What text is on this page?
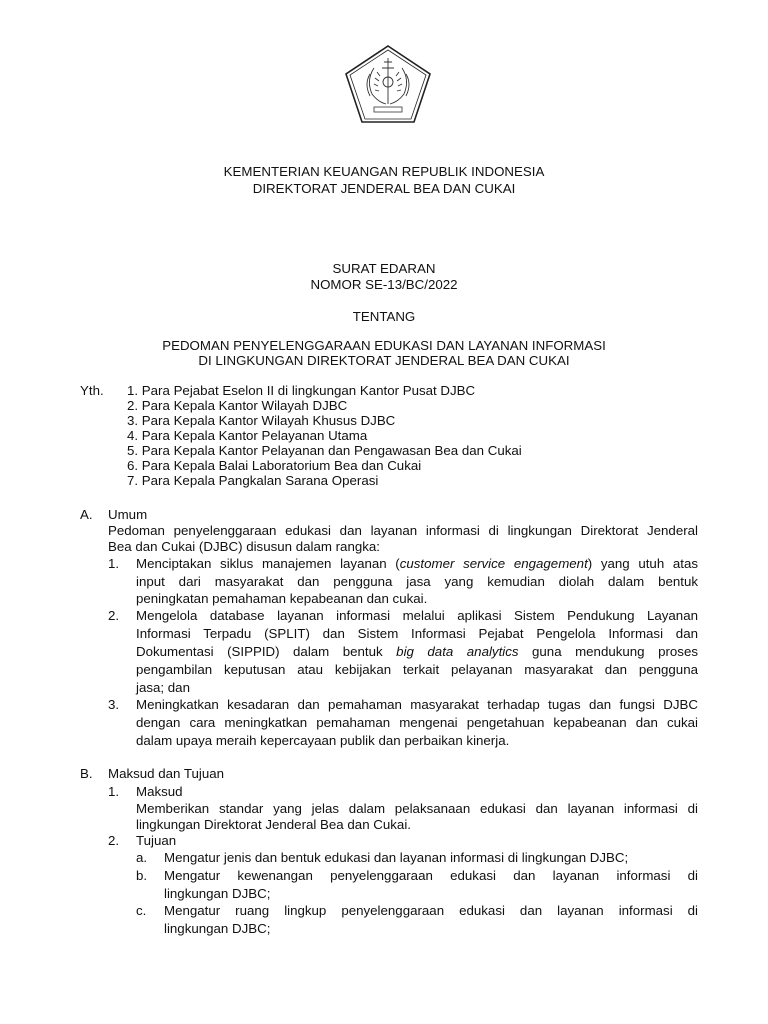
KEMENTERIAN KEUANGAN REPUBLIK INDONESIA
DIREKTORAT JENDERAL BEA DAN CUKAI
SURAT EDARAN
NOMOR SE-13/BC/2022
TENTANG
PEDOMAN PENYELENGGARAAN EDUKASI DAN LAYANAN INFORMASI
DI LINGKUNGAN DIREKTORAT JENDERAL BEA DAN CUKAI
Yth. 1. Para Pejabat Eselon II di lingkungan Kantor Pusat DJBC
2. Para Kepala Kantor Wilayah DJBC
3. Para Kepala Kantor Wilayah Khusus DJBC
4. Para Kepala Kantor Pelayanan Utama
5. Para Kepala Kantor Pelayanan dan Pengawasan Bea dan Cukai
6. Para Kepala Balai Laboratorium Bea dan Cukai
7. Para Kepala Pangkalan Sarana Operasi
A. Umum
Pedoman penyelenggaraan edukasi dan layanan informasi di lingkungan Direktorat Jenderal
Bea dan Cukai (DJBC) disusun dalam rangka:
1. Menciptakan siklus manajemen layanan (customer service engagement) yang utuh atas
input dari masyarakat dan pengguna jasa yang kemudian diolah dalam bentuk
peningkatan pemahaman kepabeanan dan cukai.
2. Mengelola database layanan informasi melalui aplikasi Sistem Pendukung Layanan
Informasi Terpadu (SPLIT) dan Sistem Informasi Pejabat Pengelola Informasi dan
Dokumentasi (SIPPID) dalam bentuk big data analytics guna mendukung proses
pengambilan keputusan atau kebijakan terkait pelayanan masyarakat dan pengguna
jasa; dan
3. Meningkatkan kesadaran dan pemahaman masyarakat terhadap tugas dan fungsi DJBC
dengan cara meningkatkan pemahaman mengenai pengetahuan kepabeanan dan cukai
dalam upaya meraih kepercayaan publik dan perbaikan kinerja.
B. Maksud dan Tujuan
1. Maksud
Memberikan standar yang jelas dalam pelaksanaan edukasi dan layanan informasi di
lingkungan Direktorat Jenderal Bea dan Cukai.
2. Tujuan
a. Mengatur jenis dan bentuk edukasi dan layanan informasi di lingkungan DJBC;
b. Mengatur kewenangan penyelenggaraan edukasi dan layanan informasi di
lingkungan DJBC;
c. Mengatur ruang lingkup penyelenggaraan edukasi dan layanan informasi di
lingkungan DJBC;
